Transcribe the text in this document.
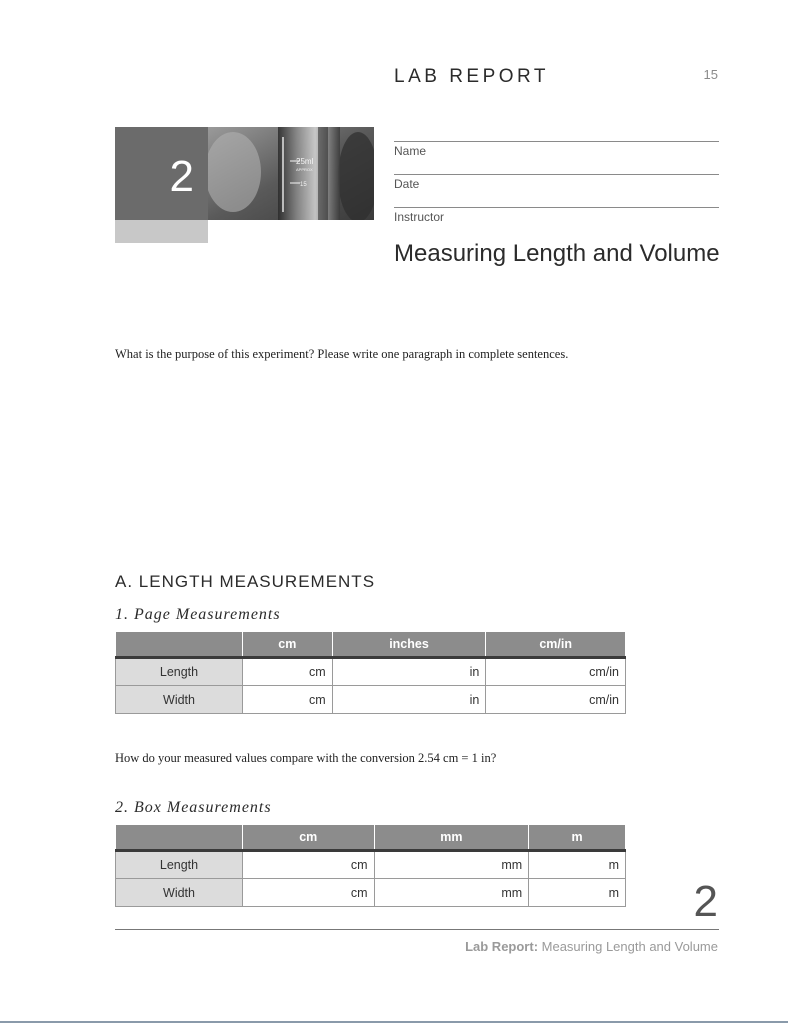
LAB REPORT	15
2	25ml
APPROX
15
Name
Date
Instructor
Measuring Length and Volume
What is the purpose of this experiment? Please write one paragraph in complete sentences.
A. LENGTH MEASUREMENTS
1. Page Measurements
	cm	inches	cm/in
Length	cm	in	cm/in
Width	cm	in	cm/in
How do your measured values compare with the conversion 2.54 cm = 1 in?
2. Box Measurements
	cm	mm	m
Length	cm	mm	m
Width	cm	mm	m 2
Lab Report: Measuring Length and Volume
